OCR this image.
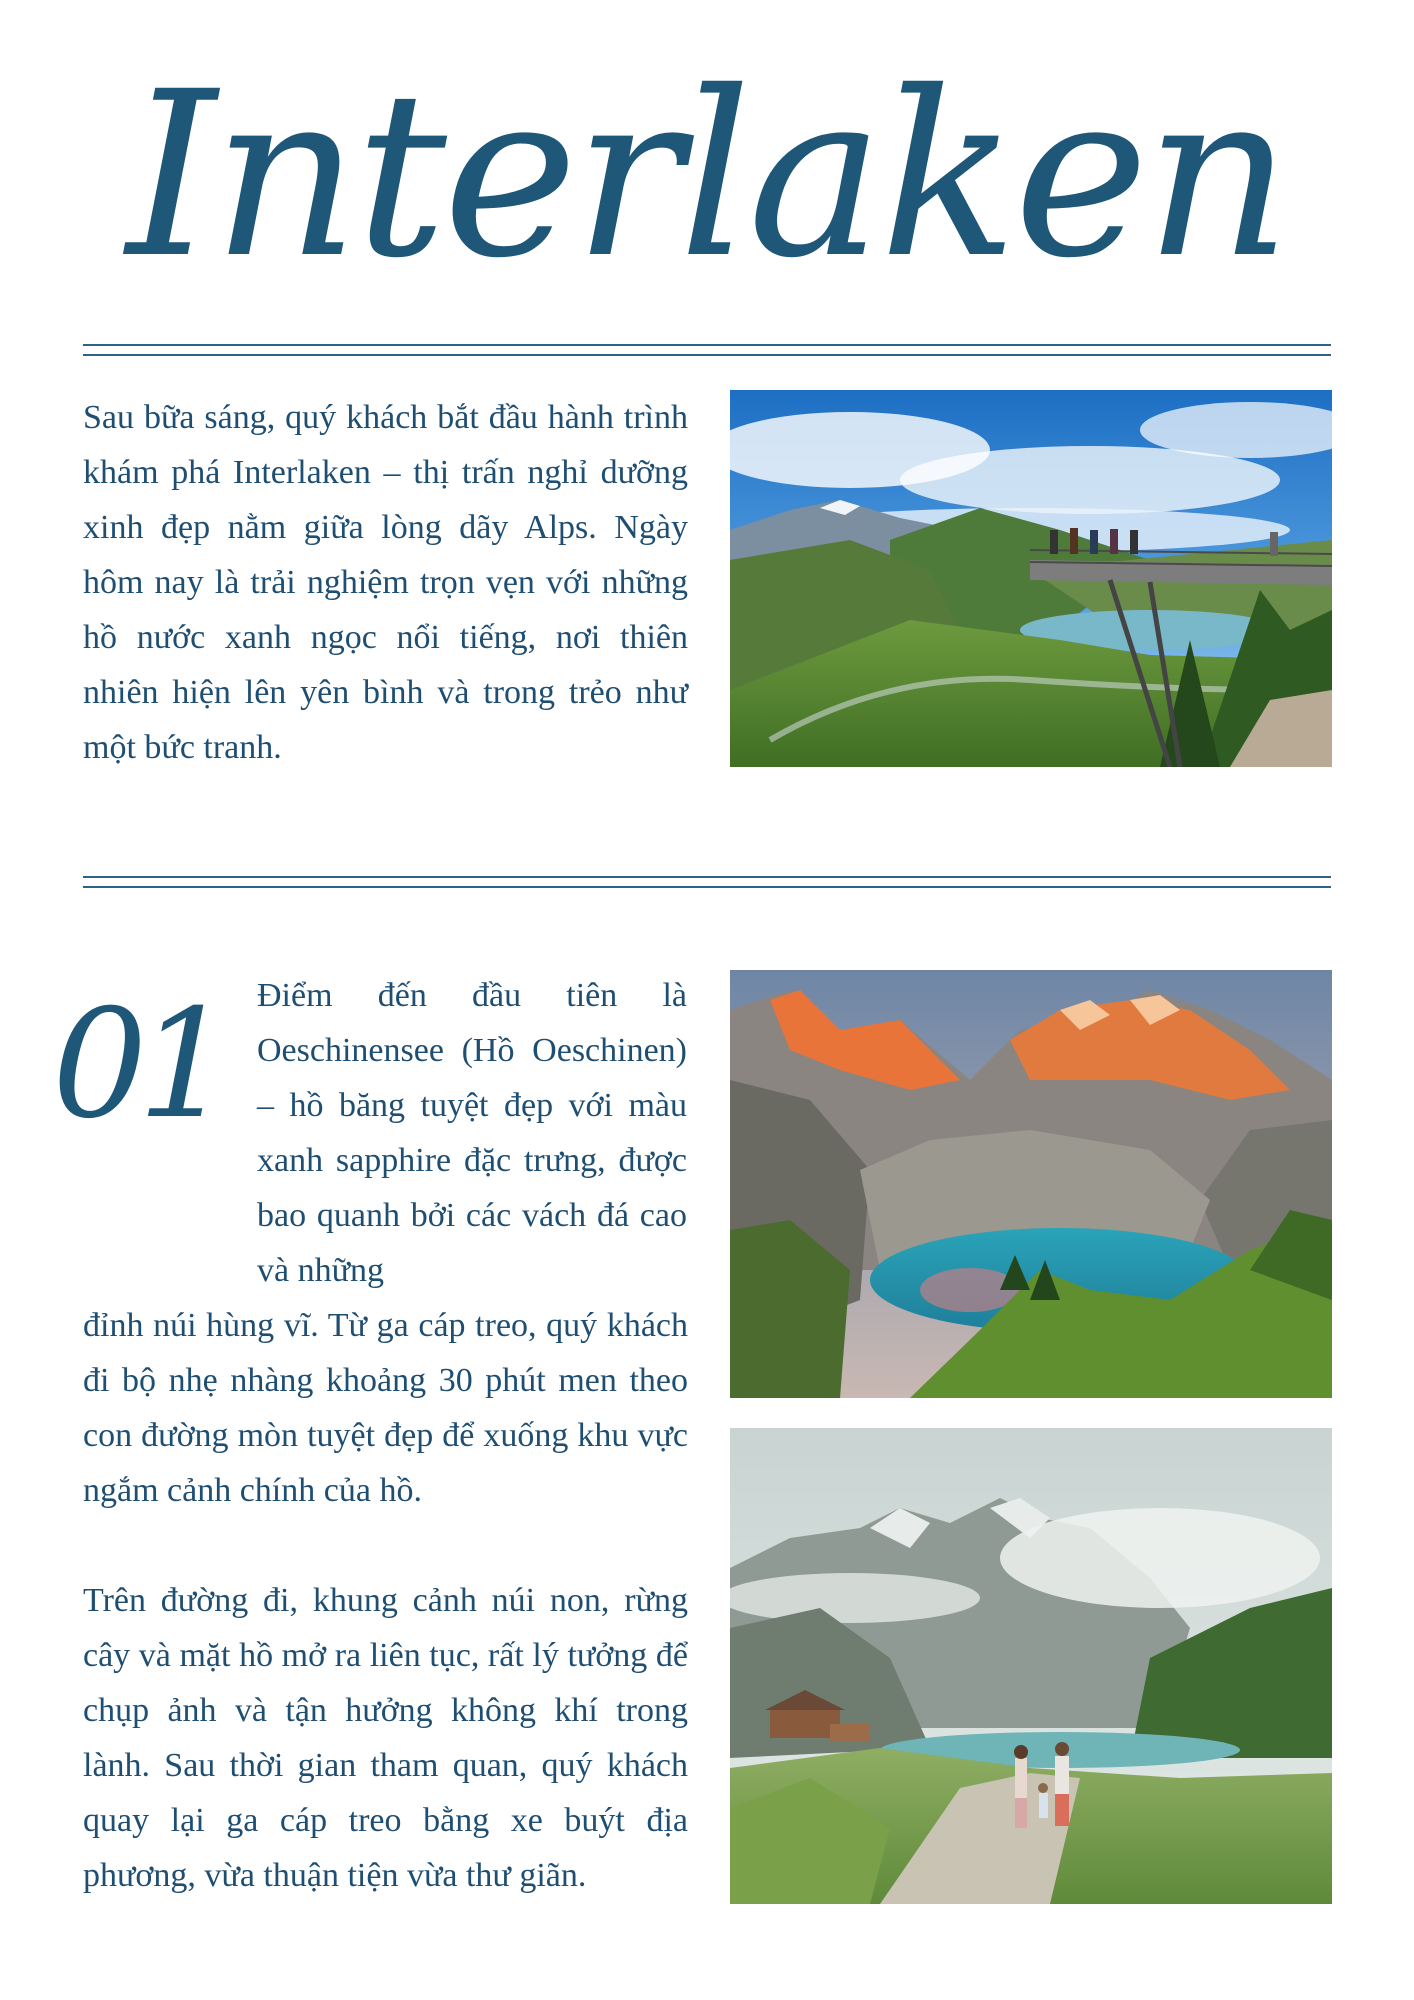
Interlaken

Sau bữa sáng, quý khách bắt đầu hành trình khám phá Interlaken – thị trấn nghỉ dưỡng xinh đẹp nằm giữa lòng dãy Alps. Ngày hôm nay là trải nghiệm trọn vẹn với những hồ nước xanh ngọc nổi tiếng, nơi thiên nhiên hiện lên yên bình và trong trẻo như một bức tranh.

01	Điểm đến đầu tiên là Oeschinensee (Hồ Oeschinen) – hồ băng tuyệt đẹp với màu xanh sapphire đặc trưng, được bao quanh bởi các vách đá cao và những

đỉnh núi hùng vĩ. Từ ga cáp treo, quý khách đi bộ nhẹ nhàng khoảng 30 phút men theo con đường mòn tuyệt đẹp để xuống khu vực ngắm cảnh chính của hồ.

Trên đường đi, khung cảnh núi non, rừng cây và mặt hồ mở ra liên tục, rất lý tưởng để chụp ảnh và tận hưởng không khí trong lành. Sau thời gian tham quan, quý khách quay lại ga cáp treo bằng xe buýt địa phương, vừa thuận tiện vừa thư giãn.
